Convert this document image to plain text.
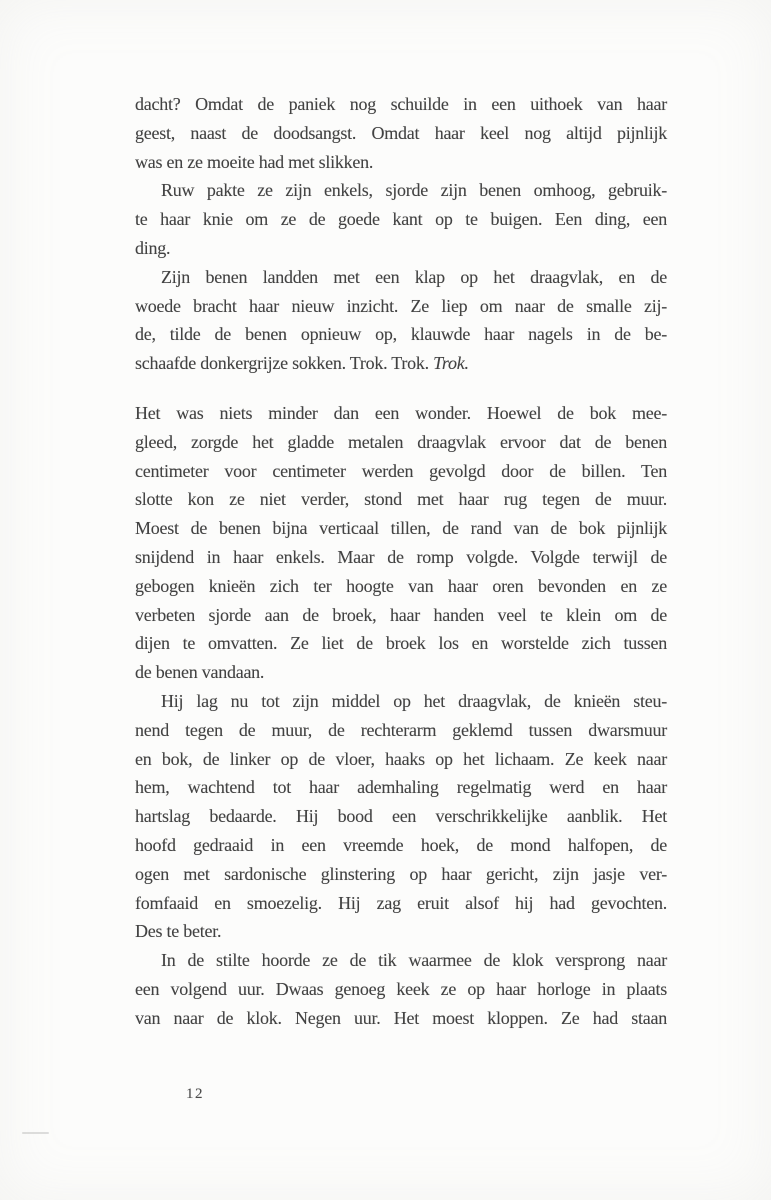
dacht? Omdat de paniek nog schuilde in een uithoek van haar
geest, naast de doodsangst. Omdat haar keel nog altijd pijnlijk
was en ze moeite had met slikken.
Ruw pakte ze zijn enkels, sjorde zijn benen omhoog, gebruik-
te haar knie om ze de goede kant op te buigen. Een ding, een
ding.
Zijn benen landden met een klap op het draagvlak, en de
woede bracht haar nieuw inzicht. Ze liep om naar de smalle zij-
de, tilde de benen opnieuw op, klauwde haar nagels in de be-
schaafde donkergrijze sokken. Trok. Trok. Trok.
Het was niets minder dan een wonder. Hoewel de bok mee-
gleed, zorgde het gladde metalen draagvlak ervoor dat de benen
centimeter voor centimeter werden gevolgd door de billen. Ten
slotte kon ze niet verder, stond met haar rug tegen de muur.
Moest de benen bijna verticaal tillen, de rand van de bok pijnlijk
snijdend in haar enkels. Maar de romp volgde. Volgde terwijl de
gebogen knieën zich ter hoogte van haar oren bevonden en ze
verbeten sjorde aan de broek, haar handen veel te klein om de
dijen te omvatten. Ze liet de broek los en worstelde zich tussen
de benen vandaan.
Hij lag nu tot zijn middel op het draagvlak, de knieën steu-
nend tegen de muur, de rechterarm geklemd tussen dwarsmuur
en bok, de linker op de vloer, haaks op het lichaam. Ze keek naar
hem, wachtend tot haar ademhaling regelmatig werd en haar
hartslag bedaarde. Hij bood een verschrikkelijke aanblik. Het
hoofd gedraaid in een vreemde hoek, de mond halfopen, de
ogen met sardonische glinstering op haar gericht, zijn jasje ver-
fomfaaid en smoezelig. Hij zag eruit alsof hij had gevochten.
Des te beter.
In de stilte hoorde ze de tik waarmee de klok versprong naar
een volgend uur. Dwaas genoeg keek ze op haar horloge in plaats
van naar de klok. Negen uur. Het moest kloppen. Ze had staan
12
